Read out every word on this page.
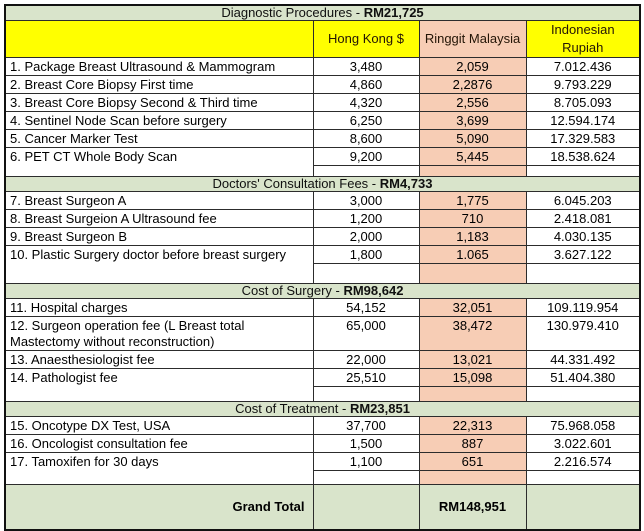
Diagnostic Procedures - RM21,725			
	Hong Kong $	Ringgit Malaysia	Indonesian Rupiah
1. Package Breast Ultrasound & Mammogram	3,480	2,059	7.012.436
2. Breast Core Biopsy First time	4,860	2,2876	9.793.229
3. Breast Core Biopsy Second & Third time	4,320	2,556	8.705.093
4. Sentinel Node Scan before surgery	6,250	3,699	12.594.174
5. Cancer Marker Test	8,600	5,090	17.329.583
6. PET CT Whole Body Scan	9,200	5,445	18.538.624

Doctors' Consultation Fees - RM4,733			
7. Breast Surgeon A	3,000	1,775	6.045.203
8. Breast Surgeion A Ultrasound fee	1,200	710	2.418.081
9. Breast Surgeon B	2,000	1,183	4.030.135
10. Plastic Surgery doctor before breast surgery	1,800	1.065	3.627.122

Cost of Surgery - RM98,642			
11. Hospital charges	54,152	32,051	109.119.954
12. Surgeon operation fee (L Breast total Mastectomy without reconstruction)	65,000	38,472	130.979.410
13. Anaesthesiologist fee	22,000	13,021	44.331.492
14. Pathologist fee	25,510	15,098	51.404.380

Cost of Treatment - RM23,851			
15. Oncotype DX Test, USA	37,700	22,313	75.968.058
16. Oncologist consultation fee	1,500	887	3.022.601
17. Tamoxifen for 30 days	1,100	651	2.216.574

Grand Total		RM148,951	
